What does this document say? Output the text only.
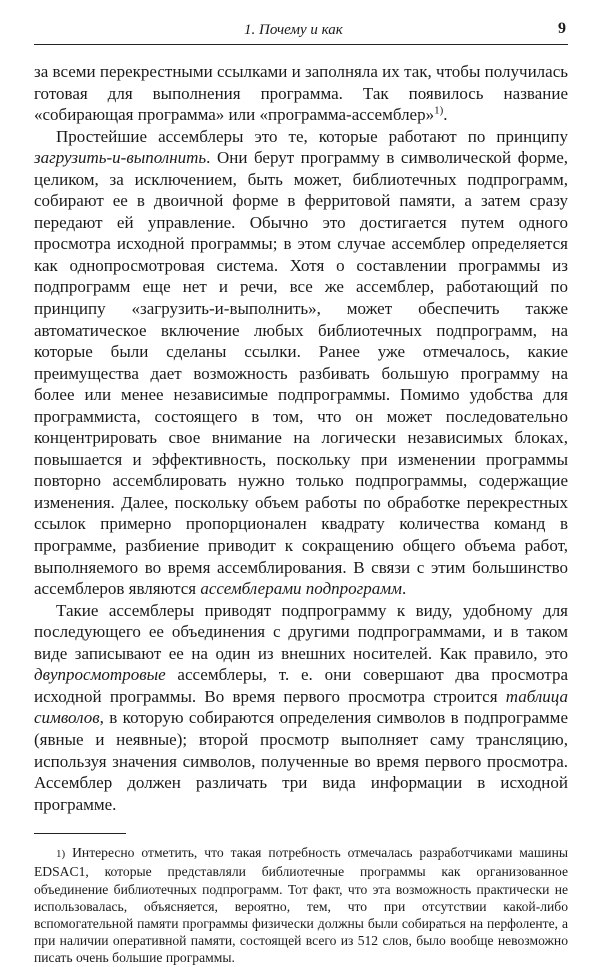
1. Почему и как	9

за всеми перекрестными ссылками и заполняла их так, чтобы получилась готовая для выполнения программа. Так появилось название «собирающая программа» или «программа-ассемблер»$^{1)}$.

Простейшие ассемблеры это те, которые работают по принципу загрузить-и-выполнить. Они берут программу в символической форме, целиком, за исключением, быть может, библиотечных подпрограмм, собирают ее в двоичной форме в ферритовой памяти, а затем сразу передают ей управление. Обычно это достигается путем одного просмотра исходной программы; в этом случае ассемблер определяется как однопросмотровая система. Хотя о составлении программы из подпрограмм еще нет и речи, все же ассемблер, работающий по принципу «загрузить-и-выполнить», может обеспечить также автоматическое включение любых библиотечных подпрограмм, на которые были сделаны ссылки. Ранее уже отмечалось, какие преимущества дает возможность разбивать большую программу на более или менее независимые подпрограммы. Помимо удобства для программиста, состоящего в том, что он может последовательно концентрировать свое внимание на логически независимых блоках, повышается и эффективность, поскольку при изменении программы повторно ассемблировать нужно только подпрограммы, содержащие изменения. Далее, поскольку объем работы по обработке перекрестных ссылок примерно пропорционален квадрату количества команд в программе, разбиение приводит к сокращению общего объема работ, выполняемого во время ассемблирования. В связи с этим большинство ассемблеров являются ассемблерами подпрограмм.

Такие ассемблеры приводят подпрограмму к виду, удобному для последующего ее объединения с другими подпрограммами, и в таком виде записывают ее на один из внешних носителей. Как правило, это двупросмотровые ассемблеры, т. е. они совершают два просмотра исходной программы. Во время первого просмотра строится таблица символов, в которую собираются определения символов в подпрограмме (явные и неявные); второй просмотр выполняет саму трансляцию, используя значения символов, полученные во время первого просмотра. Ассемблер должен различать три вида информации в исходной программе.

1) Интересно отметить, что такая потребность отмечалась разработчиками машины EDSAC1, которые представляли библиотечные программы как организованное объединение библиотечных подпрограмм. Тот факт, что эта возможность практически не использовалась, объясняется, вероятно, тем, что при отсутствии какой-либо вспомогательной памяти программы физически должны были собираться на перфоленте, а при наличии оперативной памяти, состоящей всего из 512 слов, было вообще невозможно писать очень большие программы.
